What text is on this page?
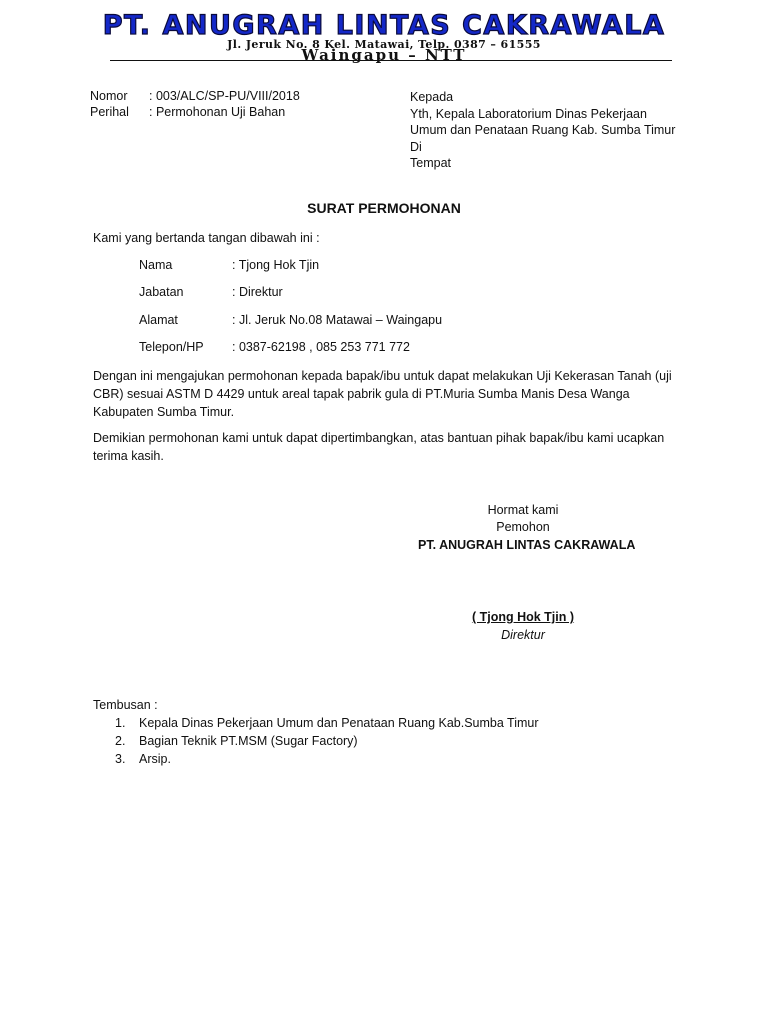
PT. ANUGRAH LINTAS CAKRAWALA
Jl. Jeruk No. 8 Kel. Matawai, Telp. 0387 – 61555
Waingapu – NTT
Nomor : 003/ALC/SP-PU/VIII/2018
Perihal : Permohonan Uji Bahan
Kepada
Yth, Kepala Laboratorium Dinas Pekerjaan
Umum dan Penataan Ruang Kab. Sumba Timur
Di
Tempat
SURAT PERMOHONAN
Kami yang bertanda tangan dibawah ini :
Nama	: Tjong Hok Tjin
Jabatan	: Direktur
Alamat	: Jl. Jeruk No.08 Matawai – Waingapu
Telepon/HP : 0387-62198 , 085 253 771 772
Dengan ini mengajukan permohonan kepada bapak/ibu untuk dapat melakukan Uji Kekerasan Tanah (uji CBR) sesuai ASTM D 4429 untuk areal tapak pabrik gula di PT.Muria Sumba Manis Desa Wanga Kabupaten Sumba Timur.
Demikian permohonan kami untuk dapat dipertimbangkan, atas bantuan pihak bapak/ibu kami ucapkan terima kasih.
Hormat kami
Pemohon
PT. ANUGRAH LINTAS CAKRAWALA
( Tjong Hok Tjin )
Direktur
Tembusan :
1. Kepala Dinas Pekerjaan Umum dan Penataan Ruang Kab.Sumba Timur
2. Bagian Teknik PT.MSM (Sugar Factory)
3. Arsip.
